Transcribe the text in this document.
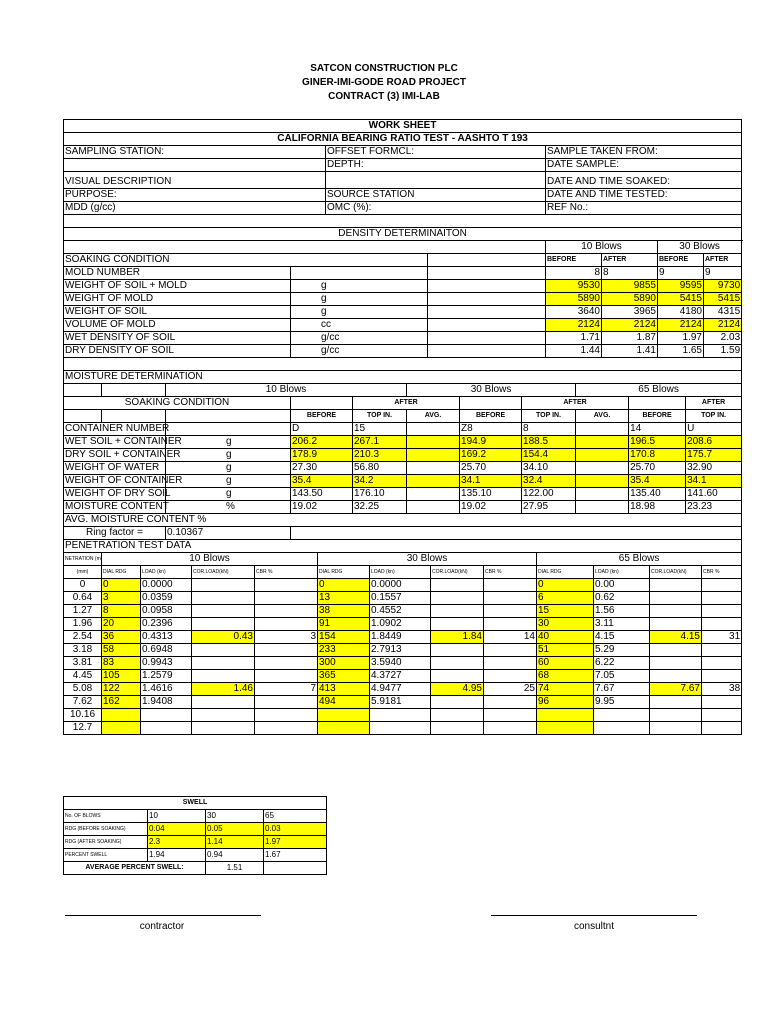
SATCON CONSTRUCTION PLC
GINER-IMI-GODE ROAD PROJECT
CONTRACT (3) IMI-LAB
WORK SHEET								
CALIFORNIA BEARING RATIO TEST - AASHTO T 193								
SAMPLING STATION:		OFFSET FORMCL:		SAMPLE TAKEN FROM:				
		DEPTH:		DATE SAMPLE:				
VISUAL DESCRIPTION				DATE AND TIME SOAKED:				
PURPOSE:		SOURCE STATION		DATE AND TIME TESTED:				
MDD (g/cc)		OMC (%):		REF No.:				

DENSITY DETERMINAITON								
				10 Blows		30 Blows	
SOAKING CONDITION				BEFORE	AFTER	BEFORE	AFTER		
MOLD NUMBER				8	8	9	9		
WEIGHT OF SOIL + MOLD	g			9530	9855	9595	9730		
WEIGHT OF MOLD	g			5890	5890	5415	5415		
WEIGHT OF SOIL	g			3640	3965	4180	4315		
VOLUME OF MOLD	cc			2124	2124	2124	2124		
WET DENSITY OF SOIL	g/cc			1.71	1.87	1.97	2.03		
DRY DENSITY OF SOIL	g/cc			1.44	1.41	1.65	1.59		

MOISTURE DETERMINATION								
SWELL			
No. OF BLOWS	10	30	65
RDG (BEFORE SOAKING)	0.04	0.05	0.03
RDG (AFTER SOAKING)	2.3	1.14	1.97
PERCENT SWELL	1.94	0.94	1.67
AVERAGE PERCENT SWELL:		1.51	
contractor	consultnt
		10 Blows			30 Blows			65 Blows		
SOAKING CONDITION				AFTER			AFTER			AFTER
			BEFORE	TOP IN.	AVG.	BEFORE	TOP IN.	AVG.	BEFORE	TOP IN.
CONTAINER NUMBER			D	15		Z8	8		14	U
WET SOIL + CONTAINER		g	206.2	267.1		194.9	188.5		196.5	208.6
DRY SOIL + CONTAINER		g	178.9	210.3		169.2	154.4		170.8	175.7
WEIGHT OF WATER		g	27.30	56.80		25.70	34.10		25.70	32.90
WEIGHT OF CONTAINER		g	35.4	34.2		34.1	32.4		35.4	34.1
WEIGHT OF DRY SOIL		g	143.50	176.10		135.10	122.00		135.40	141.60
MOISTURE CONTENT		%	19.02	32.25		19.02	27.95		18.98	23.23
AVG. MOISTURE CONTENT %										
Ring factor =		0.10367								
PENETRATION TEST DATA												
NETRATION (m	10 Blows				30 Blows				65 Blows			
(mm)	DIAL RDG	LOAD (kn)	COR.LOAD(kN)	CBR %	DIAL RDG	LOAD (kn)	COR.LOAD(kN)	CBR %	DIAL RDG	LOAD (kn)	COR.LOAD(kN)	CBR %
0	0	0.0000			0	0.0000			0	0.00		
0.64	3	0.0359			13	0.1557			6	0.62		
1.27	8	0.0958			38	0.4552			15	1.56		
1.96	20	0.2396			91	1.0902			30	3.11		
2.54	36	0.4313	0.43	3	154	1.8449	1.84	14	40	4.15	4.15	31
3.18	58	0.6948			233	2.7913			51	5.29		
3.81	83	0.9943			300	3.5940			60	6.22		
4.45	105	1.2579			365	4.3727			68	7.05		
5.08	122	1.4616	1.46	7	413	4.9477	4.95	25	74	7.67	7.67	38
7.62	162	1.9408			494	5.9181			96	9.95		
10.16												
12.7												
